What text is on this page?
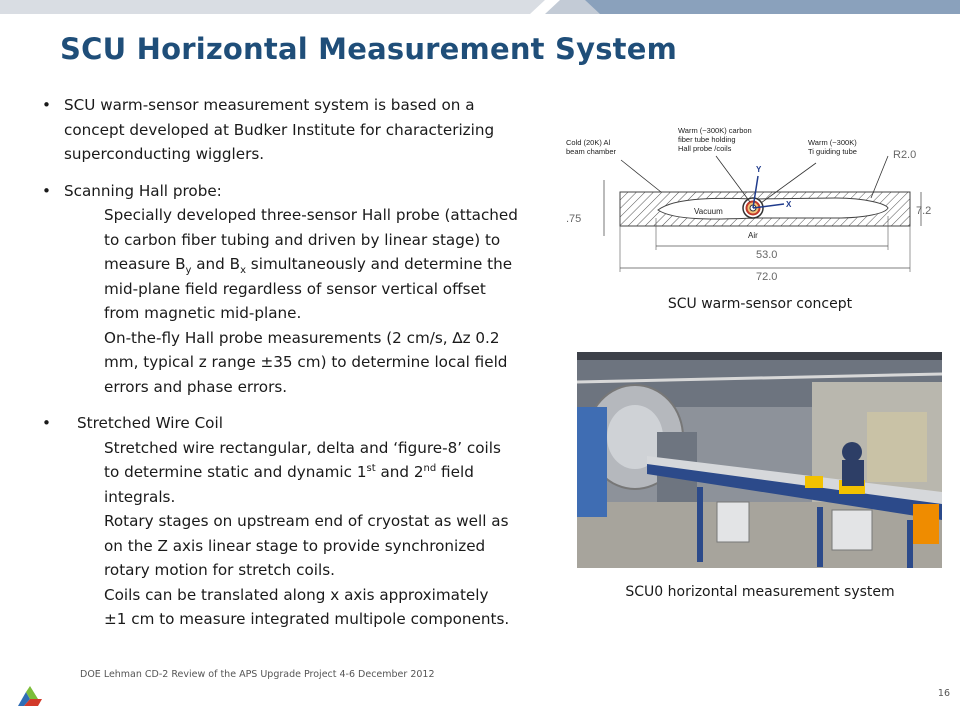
SCU Horizontal Measurement System
• SCU warm-sensor measurement system is based on a
concept developed at Budker Institute for characterizing
superconducting wigglers.
• Scanning Hall probe:
Specially developed three-sensor Hall probe (attached
to carbon fiber tubing and driven by linear stage) to
measure $B_y$ and $B_x$ simultaneously and determine the
mid-plane field regardless of sensor vertical offset
from magnetic mid-plane.
On-the-fly Hall probe measurements (2 cm/s, ∆z 0.2
mm, typical z range ±35 cm) to determine local field
errors and phase errors.
•	Stretched Wire Coil
Stretched wire rectangular, delta and ‘figure-8’ coils
to determine static and dynamic 1st and 2nd field
integrals.
Rotary stages on upstream end of cryostat as well as
on the Z axis linear stage to provide synchronized
rotary motion for stretch coils.
Coils can be translated along x axis approximately
±1 cm to measure integrated multipole components.
X
Y
Cold (20K) Al beam chamber
Warm (~300K) carbon fiber tube holding Hall probe /coils
Warm (~300K) Ti guiding tube	R2.0
.75
7.2
Vacuum
Air
53.0
72.0
SCU warm-sensor concept
SCU0 horizontal measurement system
DOE Lehman CD-2 Review of the APS Upgrade Project 4-6 December 2012
16
